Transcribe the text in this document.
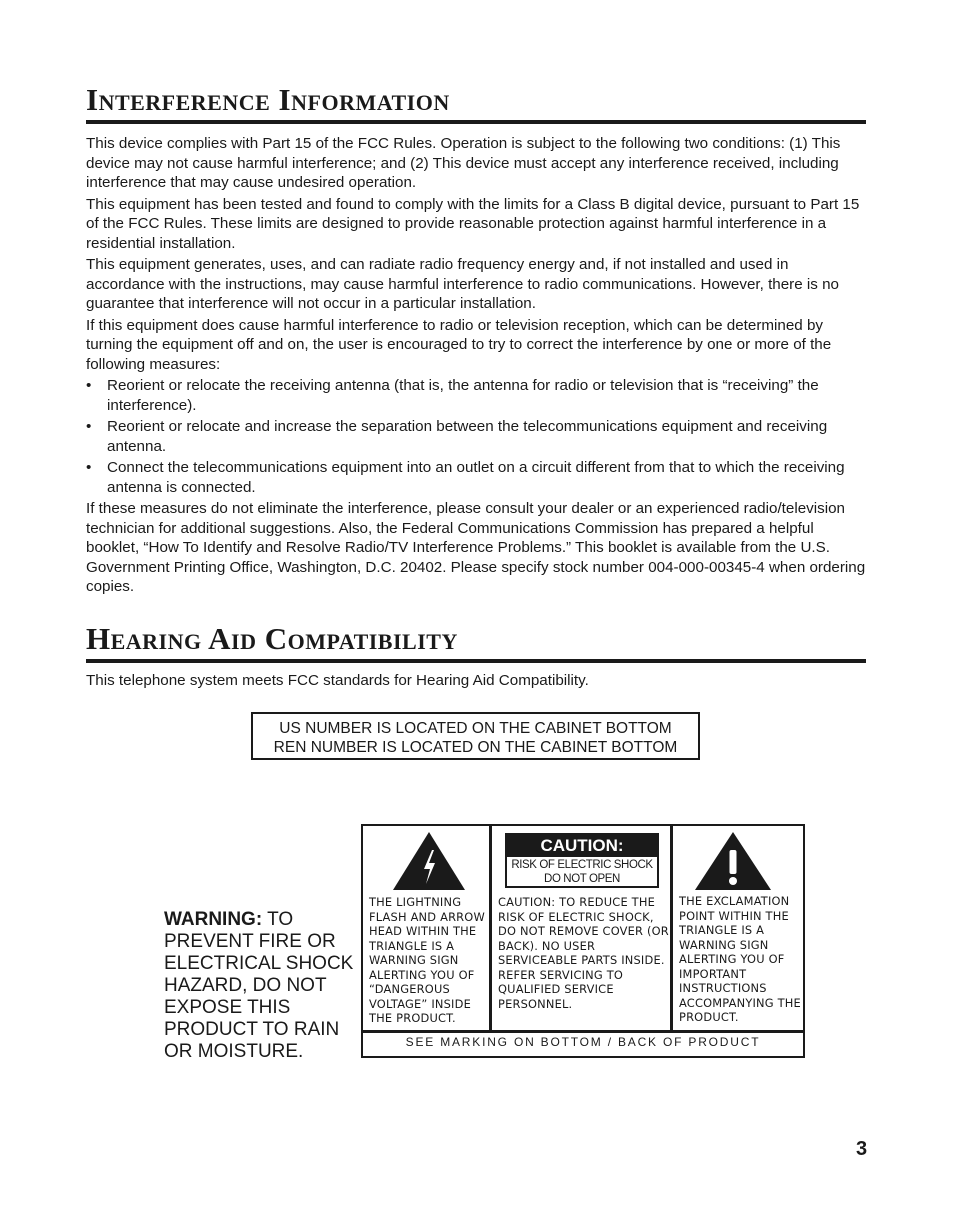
Interference Information

This device complies with Part 15 of the FCC Rules. Operation is subject to the following two conditions: (1) This device may not cause harmful interference; and (2) This device must accept any interference received, including interference that may cause undesired operation.

This equipment has been tested and found to comply with the limits for a Class B digital device, pursuant to Part 15 of the FCC Rules. These limits are designed to provide reasonable protection against harmful interference in a residential installation.

This equipment generates, uses, and can radiate radio frequency energy and, if not installed and used in accordance with the instructions, may cause harmful interference to radio communications. However, there is no guarantee that interference will not occur in a particular installation.

If this equipment does cause harmful interference to radio or television reception, which can be determined by turning the equipment off and on, the user is encouraged to try to correct the interference by one or more of the following measures:

• Reorient or relocate the receiving antenna (that is, the antenna for radio or television that is “receiving” the interference).
• Reorient or relocate and increase the separation between the telecommunications equipment and receiving antenna.
• Connect the telecommunications equipment into an outlet on a circuit different from that to which the receiving antenna is connected.

If these measures do not eliminate the interference, please consult your dealer or an experienced radio/television technician for additional suggestions. Also, the Federal Communications Commission has prepared a helpful booklet, “How To Identify and Resolve Radio/TV Interference Problems.” This booklet is available from the U.S. Government Printing Office, Washington, D.C. 20402. Please specify stock number 004-000-00345-4 when ordering copies.

Hearing Aid Compatibility
This telephone system meets FCC standards for Hearing Aid Compatibility.
US NUMBER IS LOCATED ON THE CABINET BOTTOM
REN NUMBER IS LOCATED ON THE CABINET BOTTOM
WARNING: TO PREVENT FIRE OR ELECTRICAL SHOCK HAZARD, DO NOT EXPOSE THIS PRODUCT TO RAIN OR MOISTURE.
THE LIGHTNING FLASH AND ARROW HEAD WITHIN THE TRIANGLE IS A WARNING SIGN ALERTING YOU OF “DANGEROUS VOLTAGE” INSIDE THE PRODUCT.
CAUTION:
RISK OF ELECTRIC SHOCK
DO NOT OPEN
CAUTION: TO REDUCE THE RISK OF ELECTRIC SHOCK, DO NOT REMOVE COVER (OR BACK). NO USER SERVICEABLE PARTS INSIDE. REFER SERVICING TO QUALIFIED SERVICE PERSONNEL.
THE EXCLAMATION POINT WITHIN THE TRIANGLE IS A WARNING SIGN ALERTING YOU OF IMPORTANT INSTRUCTIONS ACCOMPANYING THE PRODUCT.
SEE MARKING ON BOTTOM / BACK OF PRODUCT
3
